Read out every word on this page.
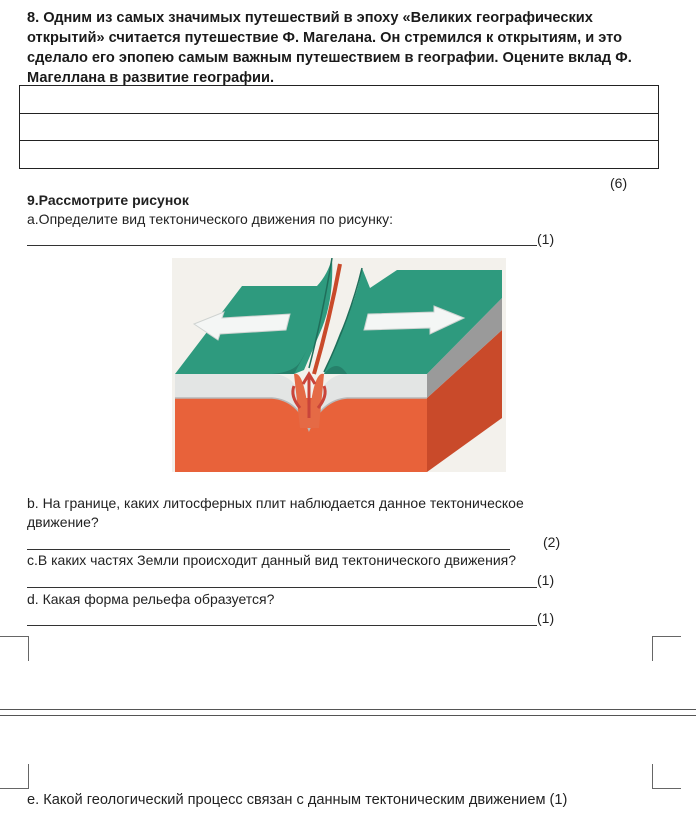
8. Одним из самых значимых путешествий в эпоху «Великих географических открытий» считается путешествие Ф. Магелана. Он стремился к открытиям, и это сделало его эпопею самым важным путешествием в географии. Оцените вклад Ф. Магеллана в развитие географии.

(6)
9.Рассмотрите рисунок
а.Определите вид тектонического движения по рисунку:
(1)
b. На границе, каких литосферных плит наблюдается данное тектоническое
движение?
(2)
с.В каких частях Земли происходит данный вид тектонического движения?
(1)
d. Какая форма рельефа образуется?
(1)
е. Какой геологический процесс связан с данным тектоническим движением (1)
